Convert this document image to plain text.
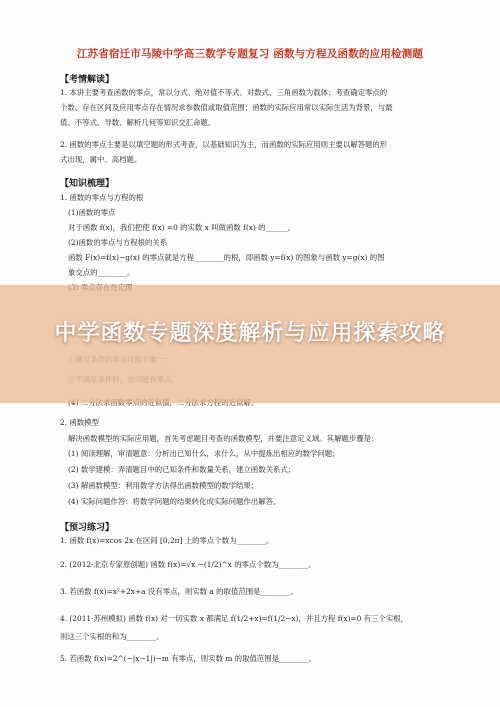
江苏省宿迁市马陵中学高三数学专题复习 函数与方程及函数的应用检测题
【考情解读】
【知识梳理】
【预习练习】
1. 本讲主要考查函数的零点，常以分式、绝对值不等式、对数式、三角函数为载体；考查确定零点的
个数、存在区间及应用零点存在情况求参数值或取值范围；函数的实际应用常以实际生活为背景，与最
值、不等式、导数、解析几何等知识交汇命题。
2. 函数的零点主要是以填空题的形式考查，以基础知识为主，而函数的实际应用则主要以解答题的形
式出现，属中、高档题。
1. 函数的零点与方程的根
(1)函数的零点
对于函数 f(x)，我们把使 f(x) =0 的实数 x 叫做函数 f(x) 的______。
(2)函数的零点与方程根的关系
函数 F(x)=f(x)−g(x) 的零点就是方程________的根，即函数 y=f(x) 的图象与函数 y=g(x) 的图
象交点的________。
2. 函数模型
解决函数模型的实际应用题，首先考虑题目考查的函数模型，并要注意定义域。其解题步骤是：
(1) 阅读理解，审清题意：分析出已知什么，求什么，从中提炼出相应的数学问题；
(2) 数学建模：弄清题目中的已知条件和数量关系，建立函数关系式；
(3) 解函数模型：利用数学方法得出函数模型的数学结果；
(4) 实际问题作答：将数学问题的结果转化成实际问题作出解答。
1. 函数 f(x)=xcos 2x 在区间 [0,2π] 上的零点个数为________。
2. (2012·北京专家原创题) 函数 f(x)=√x −(1/2)^x 的零点个数为________。
3. 若函数 f(x)=x²+2x+a 没有零点，则实数 a 的取值范围是________。
4. (2011·苏州模拟) 函数 f(x) 对一切实数 x 都满足 f(1/2+x)=f(1/2−x)，并且方程 f(x)=0 有三个实根，
则这三个实根的和为________。
5. 若函数 f(x)=2^(−|x−1|)−m 有零点，则实数 m 的取值范围是________。
中学函数专题深度解析与应用探索攻略
